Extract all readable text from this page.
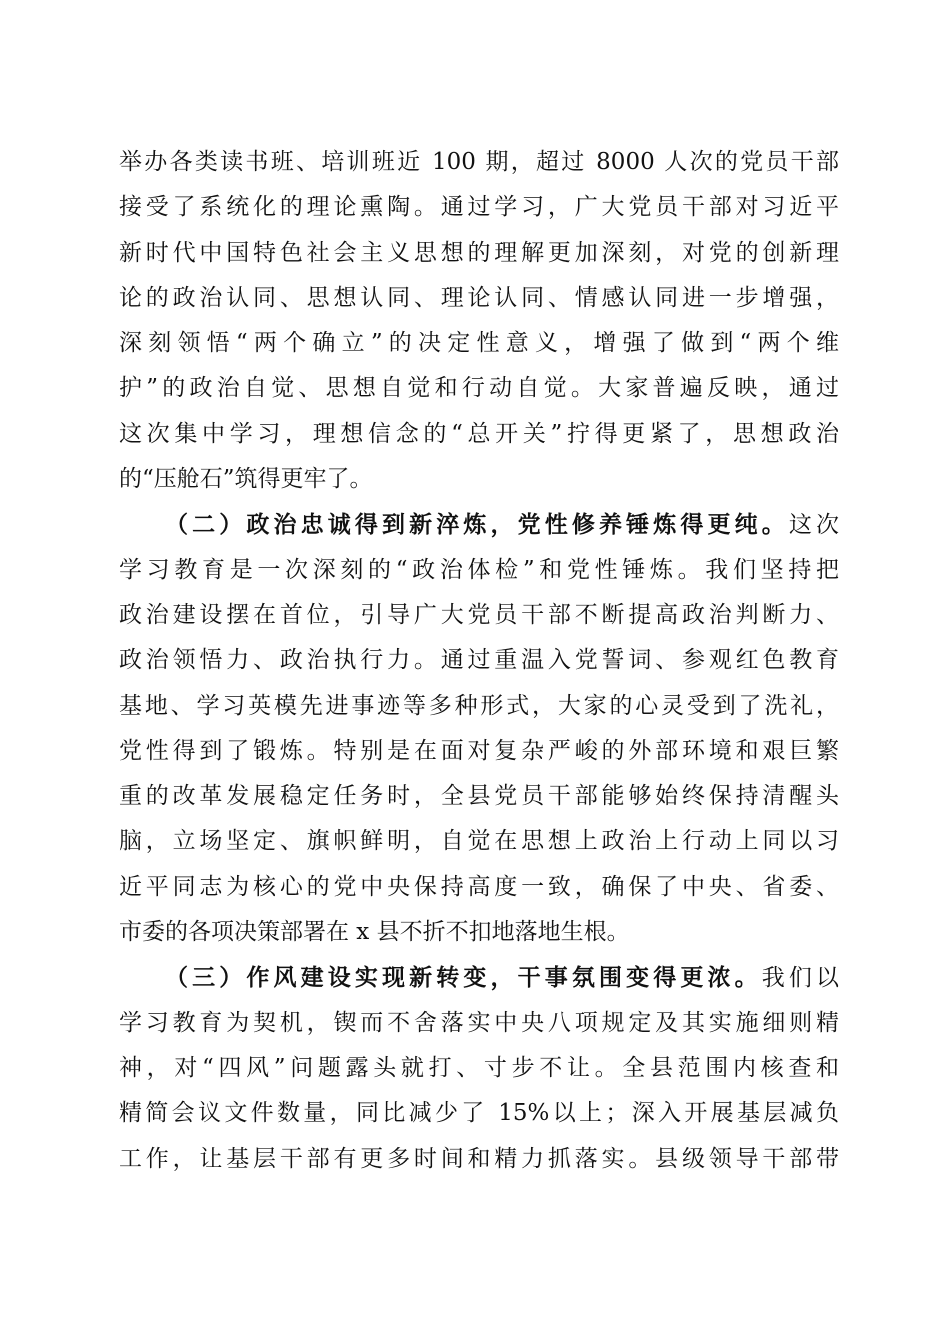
举办各类读书班、培训班近 100 期，超过 8000 人次的党员干部
接受了系统化的理论熏陶。通过学习，广大党员干部对习近平
新时代中国特色社会主义思想的理解更加深刻，对党的创新理
论的政治认同、思想认同、理论认同、情感认同进一步增强，
深刻领悟“两个确立”的决定性意义，增强了做到“两个维
护”的政治自觉、思想自觉和行动自觉。大家普遍反映，通过
这次集中学习，理想信念的“总开关”拧得更紧了，思想政治
的“压舱石”筑得更牢了。
（二）政治忠诚得到新淬炼，党性修养锤炼得更纯。这次
学习教育是一次深刻的“政治体检”和党性锤炼。我们坚持把
政治建设摆在首位，引导广大党员干部不断提高政治判断力、
政治领悟力、政治执行力。通过重温入党誓词、参观红色教育
基地、学习英模先进事迹等多种形式，大家的心灵受到了洗礼，
党性得到了锻炼。特别是在面对复杂严峻的外部环境和艰巨繁
重的改革发展稳定任务时，全县党员干部能够始终保持清醒头
脑，立场坚定、旗帜鲜明，自觉在思想上政治上行动上同以习
近平同志为核心的党中央保持高度一致，确保了中央、省委、
市委的各项决策部署在 x 县不折不扣地落地生根。
（三）作风建设实现新转变，干事氛围变得更浓。我们以
学习教育为契机，锲而不舍落实中央八项规定及其实施细则精
神，对“四风”问题露头就打、寸步不让。全县范围内核查和
精简会议文件数量，同比减少了 15%以上；深入开展基层减负
工作，让基层干部有更多时间和精力抓落实。县级领导干部带
